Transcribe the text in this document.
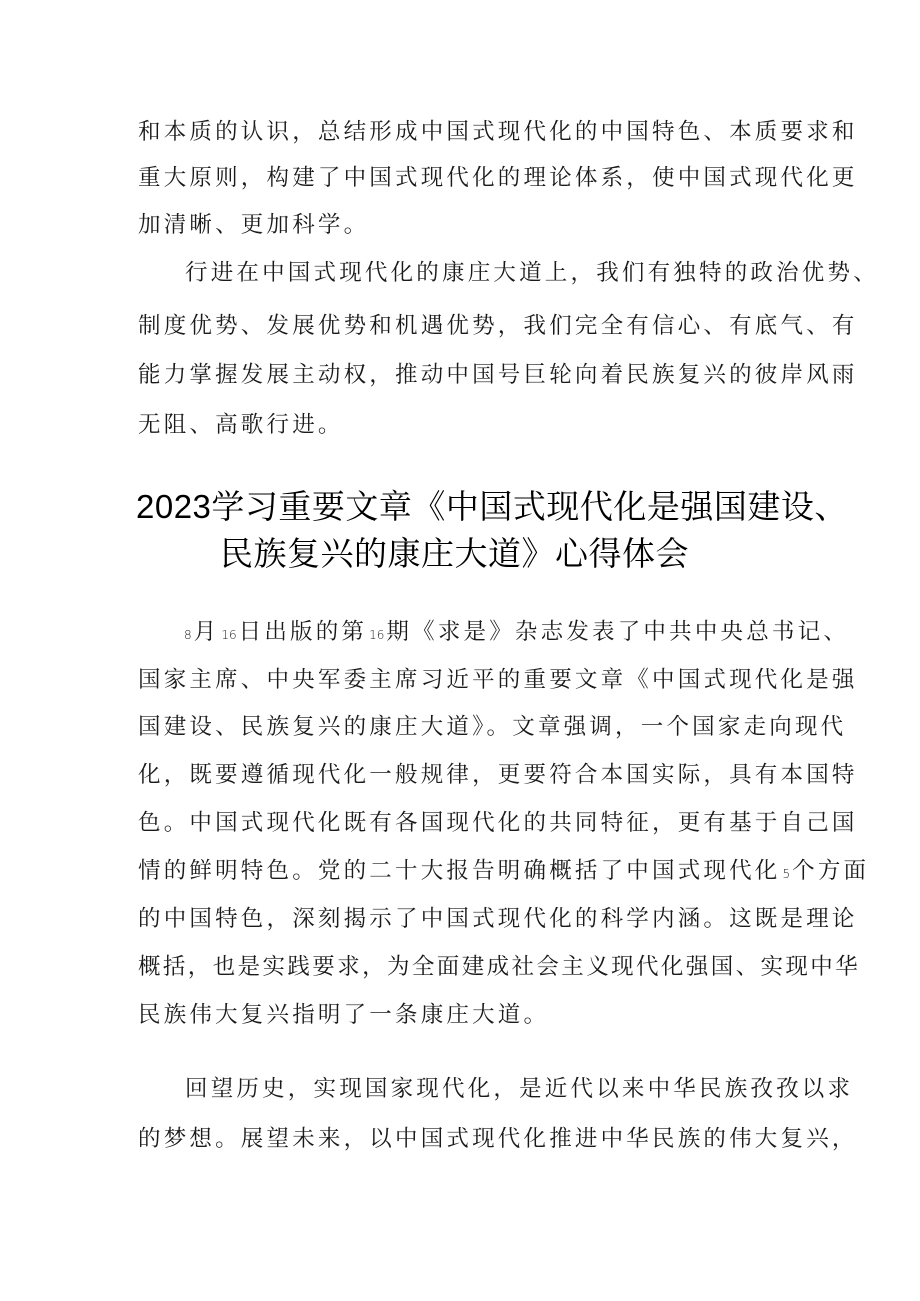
和本质的认识，总结形成中国式现代化的中国特色、本质要求和
重大原则，构建了中国式现代化的理论体系，使中国式现代化更
加清晰、更加科学。
行进在中国式现代化的康庄大道上，我们有独特的政治优势、
制度优势、发展优势和机遇优势，我们完全有信心、有底气、有
能力掌握发展主动权，推动中国号巨轮向着民族复兴的彼岸风雨
无阻、高歌行进。
2023学习重要文章《中国式现代化是强国建设、
民族复兴的康庄大道》心得体会
8月 16日出版的第 16期《求是》杂志发表了中共中央总书记、
国家主席、中央军委主席习近平的重要文章《中国式现代化是强
国建设、民族复兴的康庄大道》。文章强调，一个国家走向现代
化，既要遵循现代化一般规律，更要符合本国实际，具有本国特
色。中国式现代化既有各国现代化的共同特征，更有基于自己国
情的鲜明特色。党的二十大报告明确概括了中国式现代化 5个方面
的中国特色，深刻揭示了中国式现代化的科学内涵。这既是理论
概括，也是实践要求，为全面建成社会主义现代化强国、实现中华
民族伟大复兴指明了一条康庄大道。
回望历史，实现国家现代化，是近代以来中华民族孜孜以求
的梦想。展望未来，以中国式现代化推进中华民族的伟大复兴，
